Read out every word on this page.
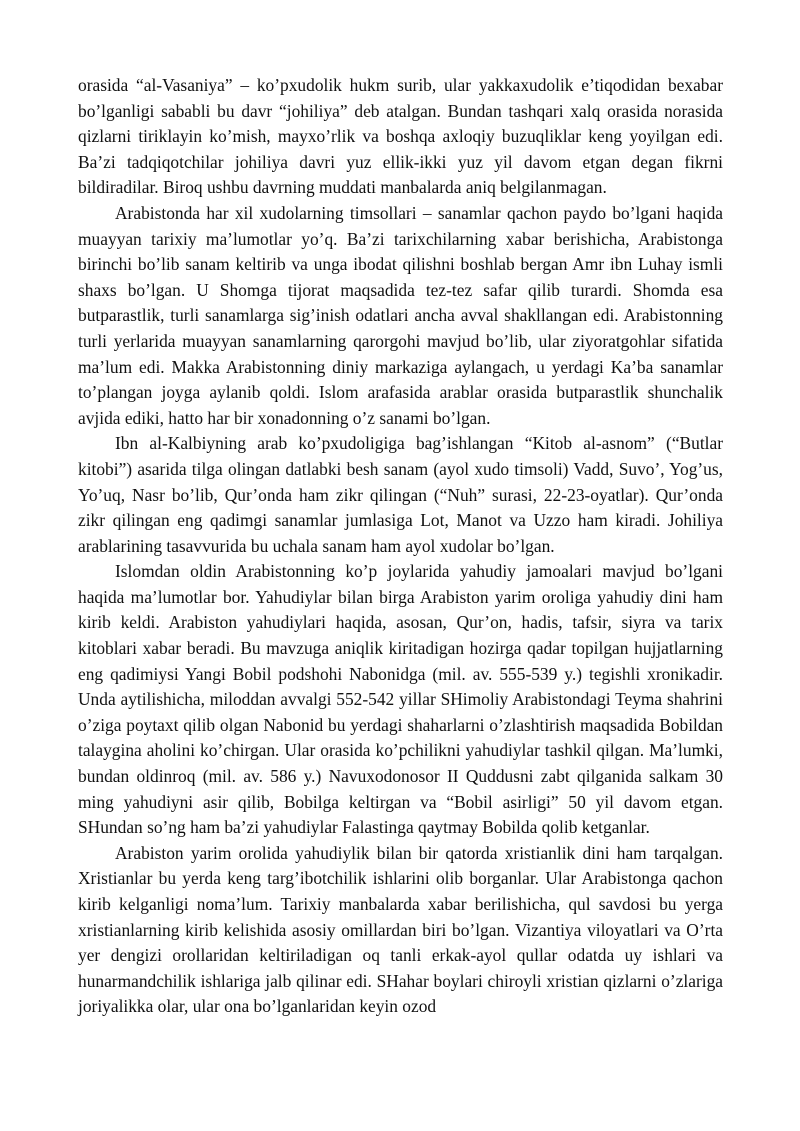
orasida “al-Vasaniya” – ko’pxudolik hukm surib, ular yakkaxudolik e’tiqodidan bexabar bo’lganligi sababli bu davr “johiliya” deb atalgan. Bundan tashqari xalq orasida norasida qizlarni tiriklayin ko’mish, mayxo’rlik va boshqa axloqiy buzuqliklar keng yoyilgan edi. Ba’zi tadqiqotchilar johiliya davri yuz ellik-ikki yuz yil davom etgan degan fikrni bildiradilar. Biroq ushbu davrning muddati manbalarda aniq belgilanmagan.

Arabistonda har xil xudolarning timsollari – sanamlar qachon paydo bo’lgani haqida muayyan tarixiy ma’lumotlar yo’q. Ba’zi tarixchilarning xabar berishicha, Arabistonga birinchi bo’lib sanam keltirib va unga ibodat qilishni boshlab bergan Amr ibn Luhay ismli shaxs bo’lgan. U Shomga tijorat maqsadida tez-tez safar qilib turardi. Shomda esa butparastlik, turli sanamlarga sig’inish odatlari ancha avval shakllangan edi. Arabistonning turli yerlarida muayyan sanamlarning qarorgohi mavjud bo’lib, ular ziyoratgohlar sifatida ma’lum edi. Makka Arabistonning diniy markaziga aylangach, u yerdagi Ka’ba sanamlar to’plangan joyga aylanib qoldi. Islom arafasida arablar orasida butparastlik shunchalik avjida ediki, hatto har bir xonadonning o’z sanami bo’lgan.

Ibn al-Kalbiyning arab ko’pxudoligiga bag’ishlangan “Kitob al-asnom” (“Butlar kitobi”) asarida tilga olingan datlabki besh sanam (ayol xudo timsoli) Vadd, Suvo’, Yog’us, Yo’uq, Nasr bo’lib, Qur’onda ham zikr qilingan (“Nuh” surasi, 22-23-oyatlar). Qur’onda zikr qilingan eng qadimgi sanamlar jumlasiga Lot, Manot va Uzzo ham kiradi. Johiliya arablarining tasavvurida bu uchala sanam ham ayol xudolar bo’lgan.

Islomdan oldin Arabistonning ko’p joylarida yahudiy jamoalari mavjud bo’lgani haqida ma’lumotlar bor. Yahudiylar bilan birga Arabiston yarim oroliga yahudiy dini ham kirib keldi. Arabiston yahudiylari haqida, asosan, Qur’on, hadis, tafsir, siyra va tarix kitoblari xabar beradi. Bu mavzuga aniqlik kiritadigan hozirga qadar topilgan hujjatlarning eng qadimiysi Yangi Bobil podshohi Nabonidga (mil. av. 555-539 y.) tegishli xronikadir. Unda aytilishicha, miloddan avvalgi 552-542 yillar SHimoliy Arabistondagi Teyma shahrini o’ziga poytaxt qilib olgan Nabonid bu yerdagi shaharlarni o’zlashtirish maqsadida Bobildan talaygina aholini ko’chirgan. Ular orasida ko’pchilikni yahudiylar tashkil qilgan. Ma’lumki, bundan oldinroq (mil. av. 586 y.) Navuxodonosor II Quddusni zabt qilganida salkam 30 ming yahudiyni asir qilib, Bobilga keltirgan va “Bobil asirligi” 50 yil davom etgan. SHundan so’ng ham ba’zi yahudiylar Falastinga qaytmay Bobilda qolib ketganlar.

Arabiston yarim orolida yahudiylik bilan bir qatorda xristianlik dini ham tarqalgan. Xristianlar bu yerda keng targ’ibotchilik ishlarini olib borganlar. Ular Arabistonga qachon kirib kelganligi noma’lum. Tarixiy manbalarda xabar berilishicha, qul savdosi bu yerga xristianlarning kirib kelishida asosiy omillardan biri bo’lgan. Vizantiya viloyatlari va O’rta yer dengizi orollaridan keltiriladigan oq tanli erkak-ayol qullar odatda uy ishlari va hunarmandchilik ishlariga jalb qilinar edi. SHahar boylari chiroyli xristian qizlarni o’zlariga joriyalikka olar, ular ona bo’lganlaridan keyin ozod
